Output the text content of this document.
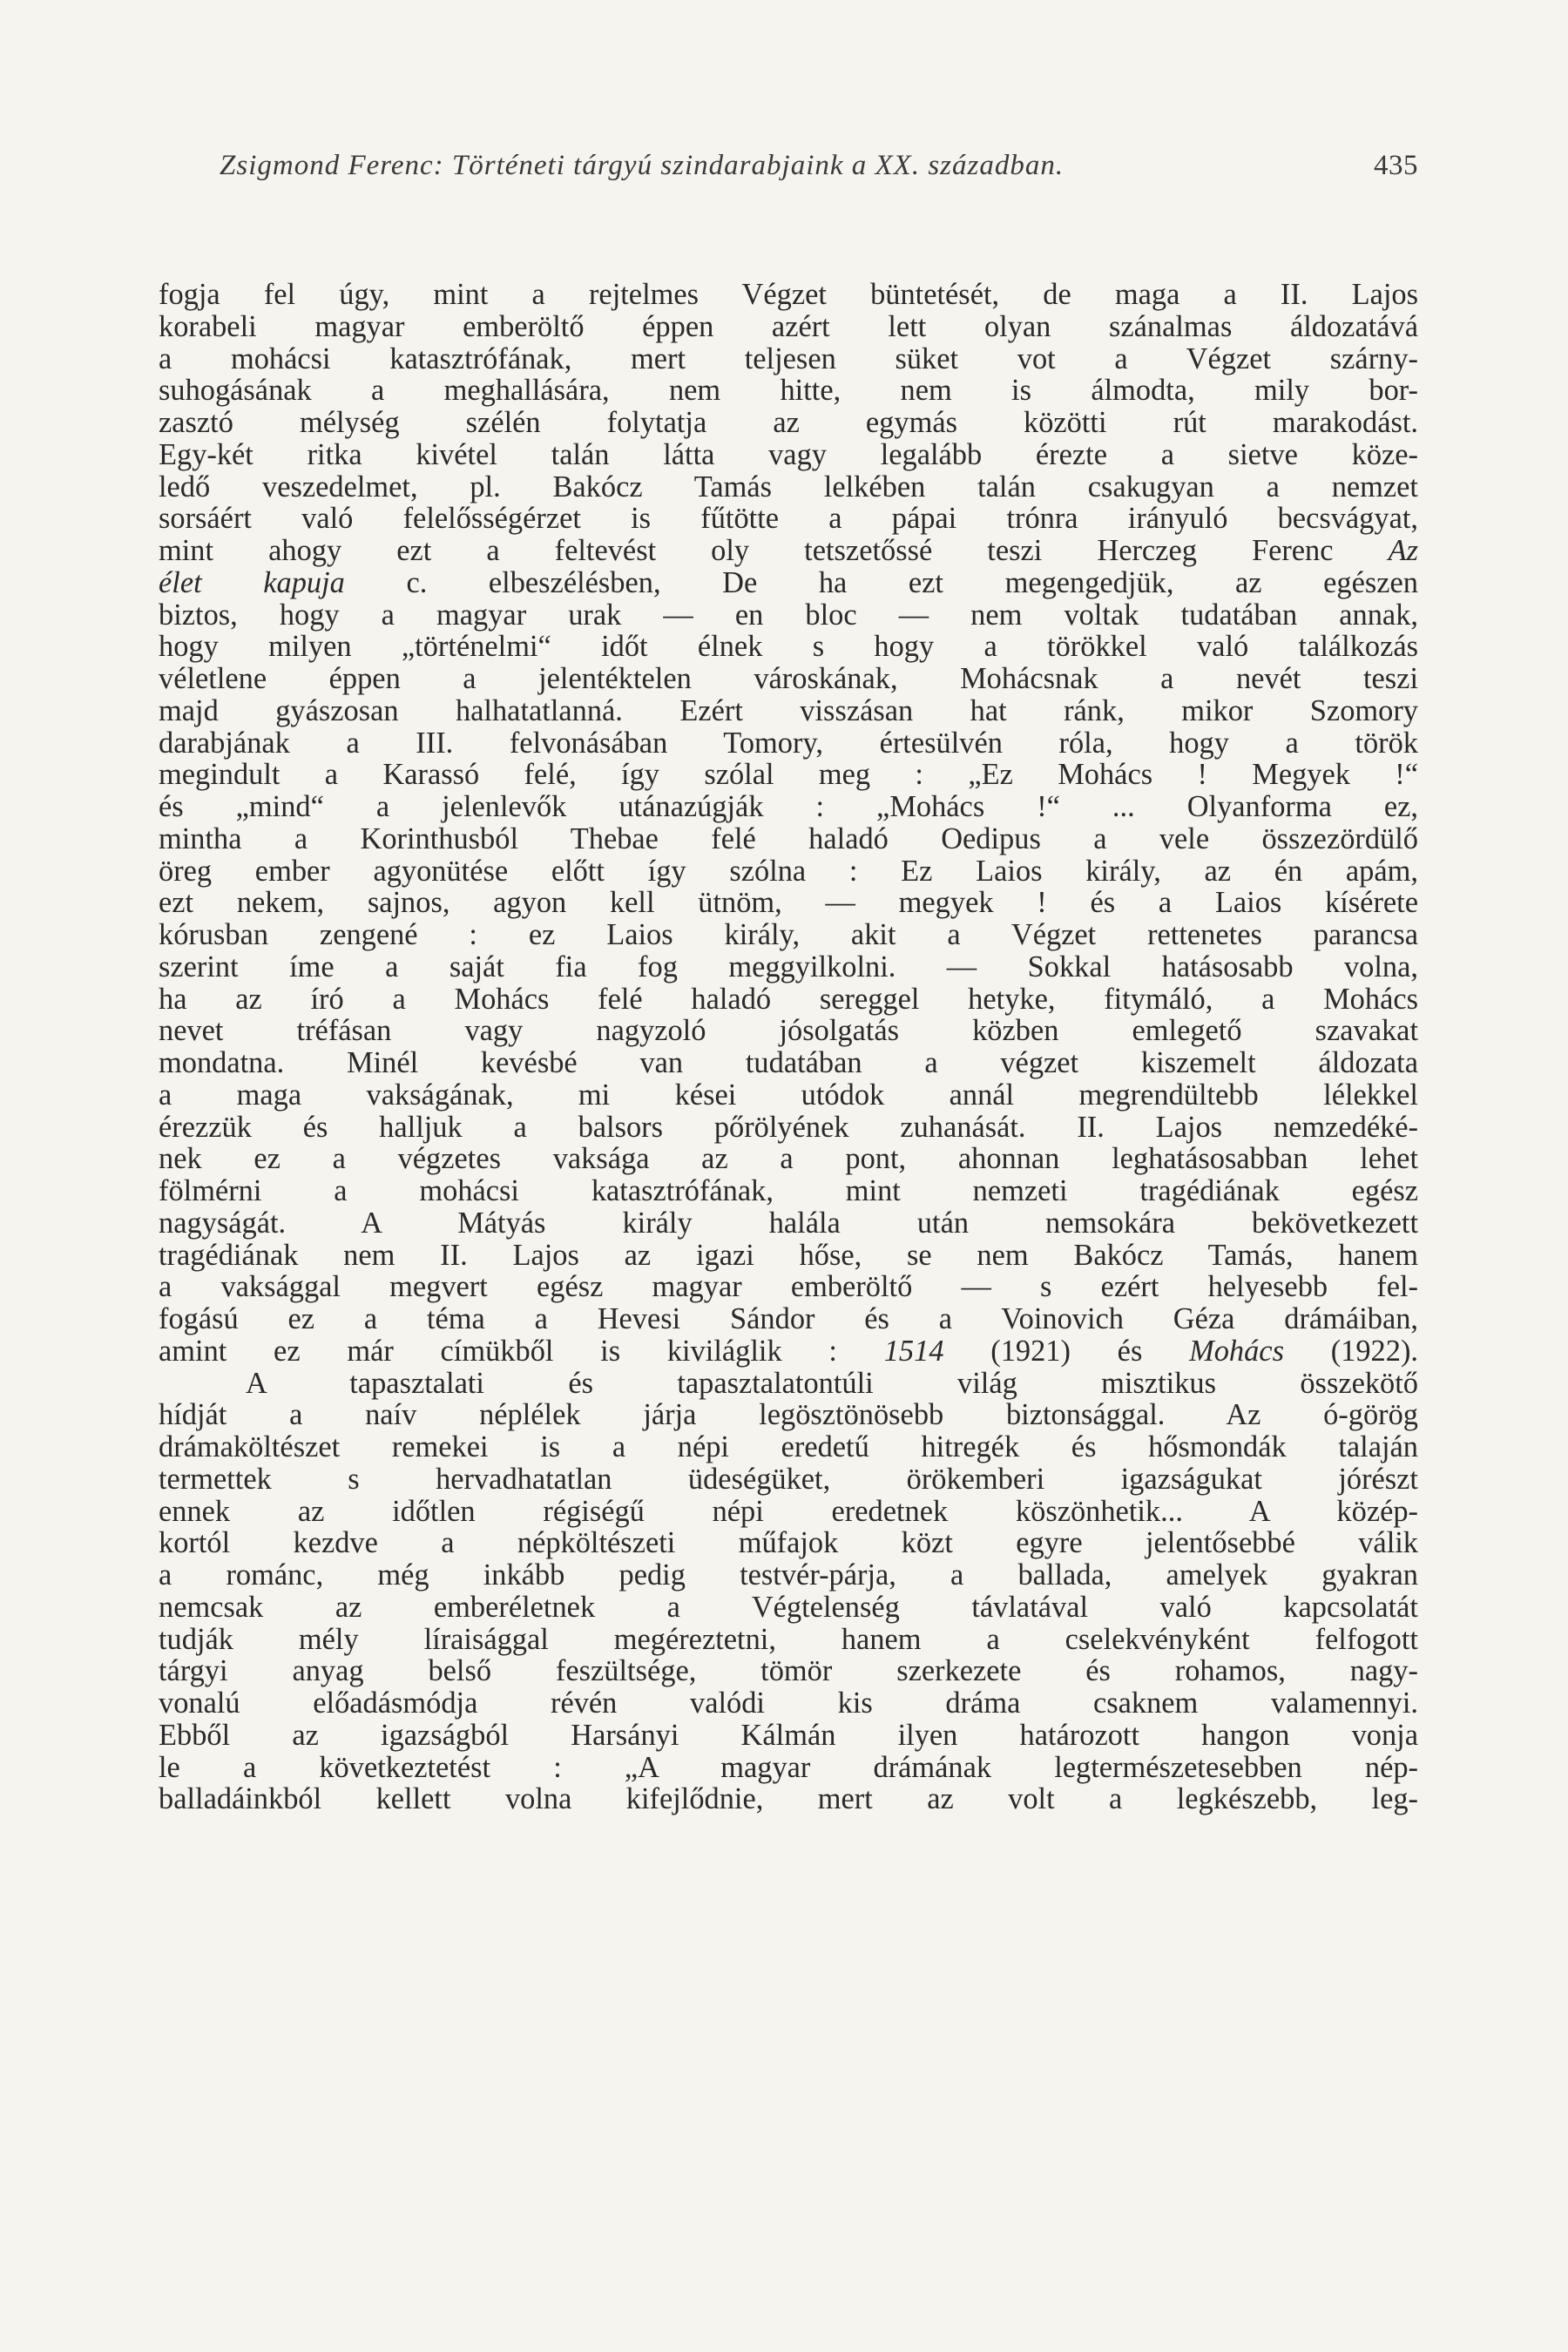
Zsigmond Ferenc: Történeti tárgyú szindarabjaink a XX. században.	435
fogja fel úgy, mint a rejtelmes Végzet büntetését, de maga a II. Lajos
korabeli magyar emberöltő éppen azért lett olyan szánalmas áldozatává
a mohácsi katasztrófának, mert teljesen süket vot a Végzet szárny-
suhogásának a meghallására, nem hitte, nem is álmodta, mily bor-
zasztó mélység szélén folytatja az egymás közötti rút marakodást.
Egy-két ritka kivétel talán látta vagy legalább érezte a sietve köze-
ledő veszedelmet, pl. Bakócz Tamás lelkében talán csakugyan a nemzet
sorsáért való felelősségérzet is fűtötte a pápai trónra irányuló becsvágyat,
mint ahogy ezt a feltevést oly tetszetőssé teszi Herczeg Ferenc Az
élet kapuja c. elbeszélésben, De ha ezt megengedjük, az egészen
biztos, hogy a magyar urak — en bloc — nem voltak tudatában annak,
hogy milyen „történelmi“ időt élnek s hogy a törökkel való találkozás
véletlene éppen a jelentéktelen városkának, Mohácsnak a nevét teszi
majd gyászosan halhatatlanná. Ezért visszásan hat ránk, mikor Szomory
darabjának a III. felvonásában Tomory, értesülvén róla, hogy a török
megindult a Karassó felé, így szólal meg : „Ez Mohács ! Megyek !“
és „mind“ a jelenlevők utánazúgják : „Mohács !“ ... Olyanforma ez,
mintha a Korinthusból Thebae felé haladó Oedipus a vele összezördülő
öreg ember agyonütése előtt így szólna : Ez Laios király, az én apám,
ezt nekem, sajnos, agyon kell ütnöm, — megyek ! és a Laios kísérete
kórusban zengené : ez Laios király, akit a Végzet rettenetes parancsa
szerint íme a saját fia fog meggyilkolni. — Sokkal hatásosabb volna,
ha az író a Mohács felé haladó sereggel hetyke, fitymáló, a Mohács
nevet tréfásan vagy nagyzoló jósolgatás közben emlegető szavakat
mondatna. Minél kevésbé van tudatában a végzet kiszemelt áldozata
a maga vakságának, mi kései utódok annál megrendültebb lélekkel
érezzük és halljuk a balsors pőrölyének zuhanását. II. Lajos nemzedéké-
nek ez a végzetes vaksága az a pont, ahonnan leghatásosabban lehet
fölmérni a mohácsi katasztrófának, mint nemzeti tragédiának egész
nagyságát. A Mátyás király halála után nemsokára bekövetkezett
tragédiának nem II. Lajos az igazi hőse, se nem Bakócz Tamás, hanem
a vaksággal megvert egész magyar emberöltő — s ezért helyesebb fel-
fogású ez a téma a Hevesi Sándor és a Voinovich Géza drámáiban,
amint ez már címükből is kiviláglik : 1514 (1921) és Mohács (1922).
A tapasztalati és tapasztalatontúli világ misztikus összekötő
hídját a naív néplélek járja legösztönösebb biztonsággal. Az ó-görög
drámaköltészet remekei is a népi eredetű hitregék és hősmondák talaján
termettek s hervadhatatlan üdeségüket, örökemberi igazságukat jórészt
ennek az időtlen régiségű népi eredetnek köszönhetik... A közép-
kortól kezdve a népköltészeti műfajok közt egyre jelentősebbé válik
a románc, még inkább pedig testvér-párja, a ballada, amelyek gyakran
nemcsak az emberéletnek a Végtelenség távlatával való kapcsolatát
tudják mély líraisággal megéreztetni, hanem a cselekvényként felfogott
tárgyi anyag belső feszültsége, tömör szerkezete és rohamos, nagy-
vonalú előadásmódja révén valódi kis dráma csaknem valamennyi.
Ebből az igazságból Harsányi Kálmán ilyen határozott hangon vonja
le a következtetést : „A magyar drámának legtermészetesebben nép-
balladáinkból kellett volna kifejlődnie, mert az volt a legkészebb, leg-
